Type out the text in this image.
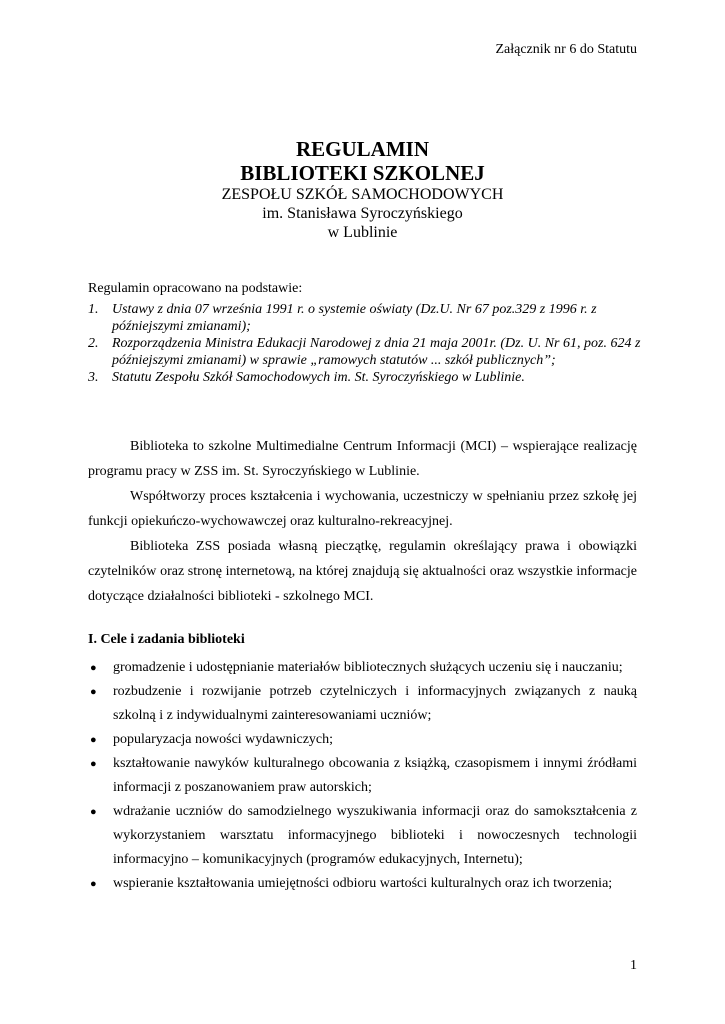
Załącznik nr 6 do Statutu

REGULAMIN

BIBLIOTEKI SZKOLNEJ

ZESPOŁU SZKÓŁ SAMOCHODOWYCH

im. Stanisława Syroczyńskiego

w Lublinie

Regulamin opracowano na podstawie:

1. Ustawy z dnia 07 września 1991 r. o systemie oświaty (Dz.U. Nr 67 poz.329 z 1996 r. z późniejszymi zmianami);
2. Rozporządzenia Ministra Edukacji Narodowej z dnia 21 maja 2001r. (Dz. U. Nr 61, poz. 624 z późniejszymi zmianami) w sprawie „ramowych statutów ... szkół publicznych”;
3. Statutu Zespołu Szkół Samochodowych im. St. Syroczyńskiego w Lublinie.

Biblioteka to szkolne Multimedialne Centrum Informacji (MCI) – wspierające realizację programu pracy w ZSS im. St. Syroczyńskiego w Lublinie.

Współtworzy proces kształcenia i wychowania, uczestniczy w spełnianiu przez szkołę jej funkcji opiekuńczo-wychowawczej oraz kulturalno-rekreacyjnej.

Biblioteka ZSS posiada własną pieczątkę, regulamin określający prawa i obowiązki czytelników oraz stronę internetową, na której znajdują się aktualności oraz wszystkie informacje dotyczące działalności biblioteki - szkolnego MCI.

I. Cele i zadania biblioteki

● gromadzenie i udostępnianie materiałów bibliotecznych służących uczeniu się i nauczaniu;
● rozbudzenie i rozwijanie potrzeb czytelniczych i informacyjnych związanych z nauką szkolną i z indywidualnymi zainteresowaniami uczniów;
● popularyzacja nowości wydawniczych;
● kształtowanie nawyków kulturalnego obcowania z książką, czasopismem i innymi źródłami informacji z poszanowaniem praw autorskich;
● wdrażanie uczniów do samodzielnego wyszukiwania informacji oraz do samokształcenia z wykorzystaniem warsztatu informacyjnego biblioteki i nowoczesnych technologii informacyjno – komunikacyjnych (programów edukacyjnych, Internetu);
● wspieranie kształtowania umiejętności odbioru wartości kulturalnych oraz ich tworzenia;
1
